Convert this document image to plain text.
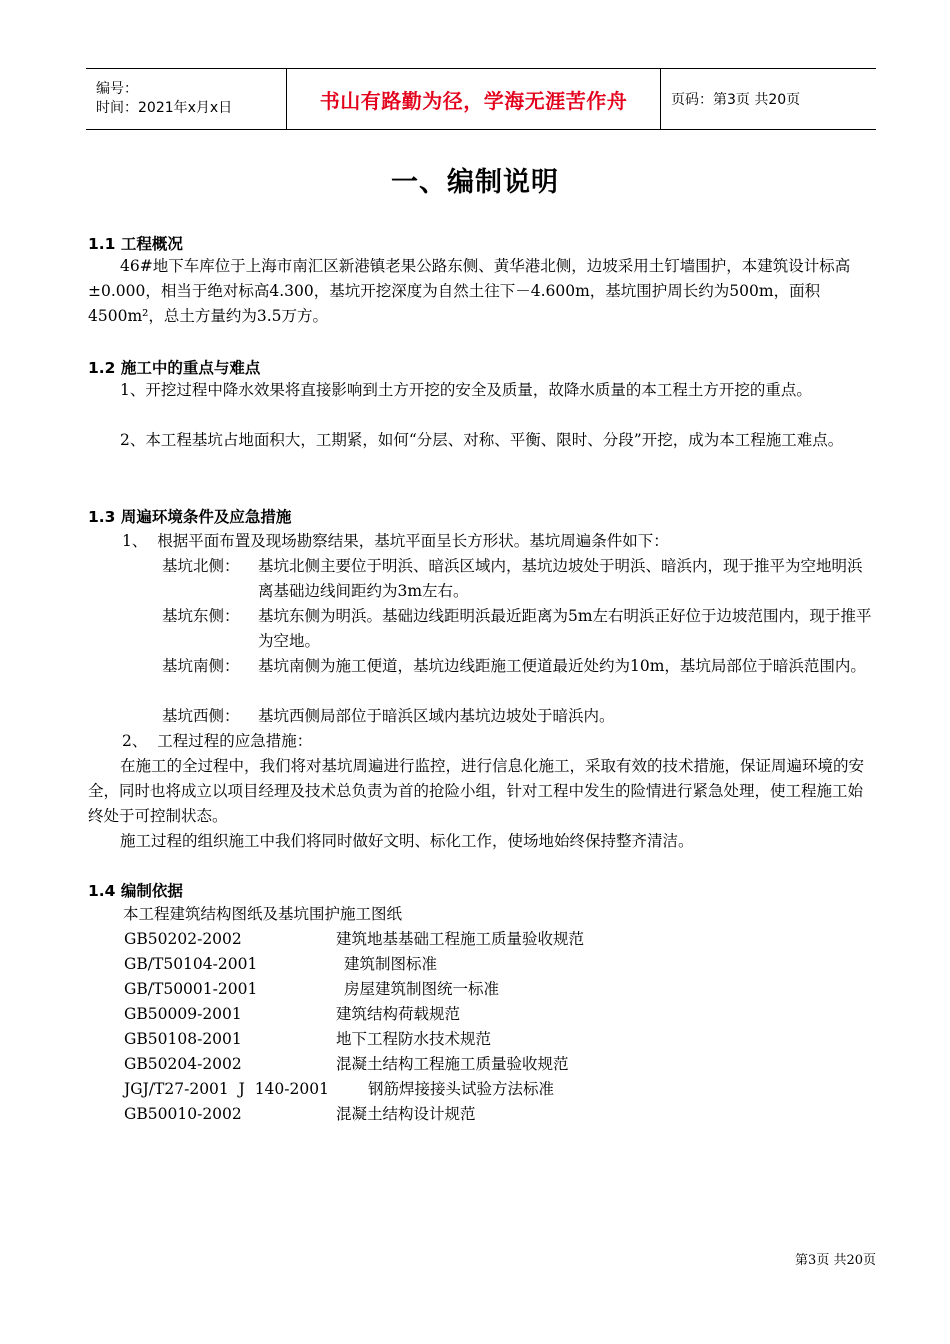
编号：
时间：2021年x月x日	书山有路勤为径，学海无涯苦作舟	页码：第3页 共20页
一、编制说明
1.1 工程概况
46#地下车库位于上海市南汇区新港镇老果公路东侧、黄华港北侧，边坡采用土钉墙围护，本建筑设计标高±0.000，相当于绝对标高4.300，基坑开挖深度为自然土往下－4.600m，基坑围护周长约为500m，面积4500m²，总土方量约为3.5万方。
1.2 施工中的重点与难点
1、开挖过程中降水效果将直接影响到土方开挖的安全及质量，故降水质量的本工程土方开挖的重点。
2、本工程基坑占地面积大，工期紧，如何“分层、对称、平衡、限时、分段”开挖，成为本工程施工难点。
1.3 周遍环境条件及应急措施
1、  根据平面布置及现场勘察结果，基坑平面呈长方形状。基坑周遍条件如下：
基坑北侧： 基坑北侧主要位于明浜、暗浜区域内，基坑边坡处于明浜、暗浜内，现于推平为空地明浜离基础边线间距约为3m左右。
基坑东侧： 基坑东侧为明浜。基础边线距明浜最近距离为5m左右明浜正好位于边坡范围内，现于推平为空地。
基坑南侧： 基坑南侧为施工便道，基坑边线距施工便道最近处约为10m，基坑局部位于暗浜范围内。
基坑西侧： 基坑西侧局部位于暗浜区域内基坑边坡处于暗浜内。
2、  工程过程的应急措施：
在施工的全过程中，我们将对基坑周遍进行监控，进行信息化施工，采取有效的技术措施，保证周遍环境的安全，同时也将成立以项目经理及技术总负责为首的抢险小组，针对工程中发生的险情进行紧急处理，使工程施工始终处于可控制状态。
施工过程的组织施工中我们将同时做好文明、标化工作，使场地始终保持整齐清洁。
1.4 编制依据
本工程建筑结构图纸及基坑围护施工图纸
GB50202-2002	建筑地基基础工程施工质量验收规范
GB/T50104-2001	建筑制图标准
GB/T50001-2001	房屋建筑制图统一标准
GB50009-2001	建筑结构荷载规范
GB50108-2001	地下工程防水技术规范
GB50204-2002	混凝土结构工程施工质量验收规范
JGJ/T27-2001  J  140-2001	钢筋焊接接头试验方法标准
GB50010-2002	混凝土结构设计规范
第3页 共20页
